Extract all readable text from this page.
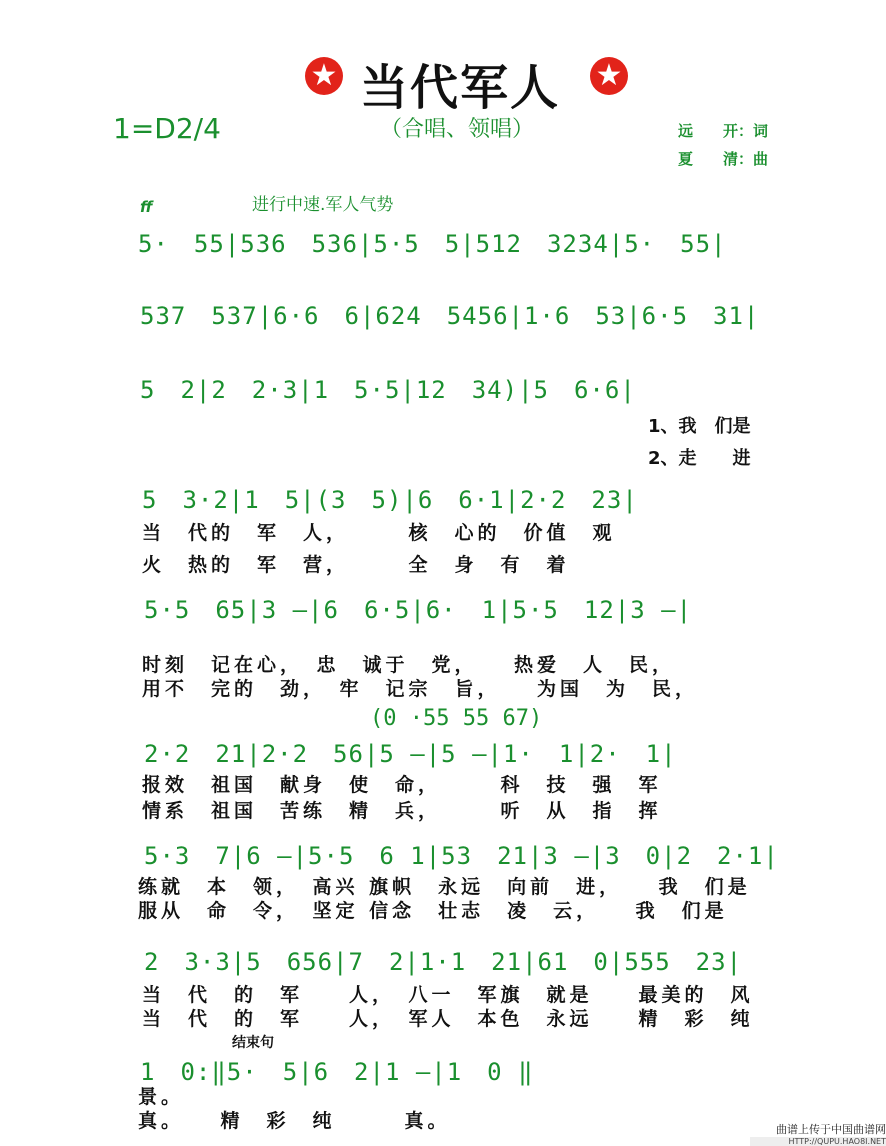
★ 当代军人 ★
1=D2/4	（合唱、领唱）	远　　开：词
夏　　清：曲
ff	进行中速.军人气势
5·　55|536　536|5·5　5|512　3234|5·　55|
537　537|6·6　6|624　5456|1·6　53|6·5　31|
5　2|2　2·3|1　5·5|12　34)|5　6·6|
1、我　们是
2、走　　进
5　3·2|1　5|(3　5)|6　6·1|2·2　23|
当　代的　军　人，　　　核　心的　价值　观
火　热的　军　营，　　　全　身　有　着
5·5　65|3 —|6　6·5|6·　1|5·5　12|3 —|
时刻　记在心，　忠　诚于　党，　　热爱　人　民，
用不　完的　劲，　牢　记宗　旨，　　为国　为　民，
(0 ·55 55 67)
2·2　21|2·2　56|5 —|5 —|1·　1|2·　1|
报效　祖国　献身　使　命，　　　科　技　强　军
情系　祖国　苦练　精　兵，　　　听　从　指　挥
5·3　7|6 —|5·5　6 1|53　21|3 —|3　0|2　2·1|
练就　本　领，　高兴 旗帜　永远　向前　进，　　我　们是
服从　命　令，　坚定 信念　壮志　凌　云，　　我　们是
2　3·3|5　656|7　2|1·1　21|61　0|555　23|
当　代　的　军　　人，　八一　军旗　就是　　最美的　风
当　代　的　军　　人，　军人　本色　永远　　精　彩　纯
结束句
1　0:‖5·　5|6　2|1 —|1　0 ‖
景。
真。　　精　彩　纯　　　真。	曲谱上传于中国曲谱网
HTTP://QUPU.HAO8I.NET
